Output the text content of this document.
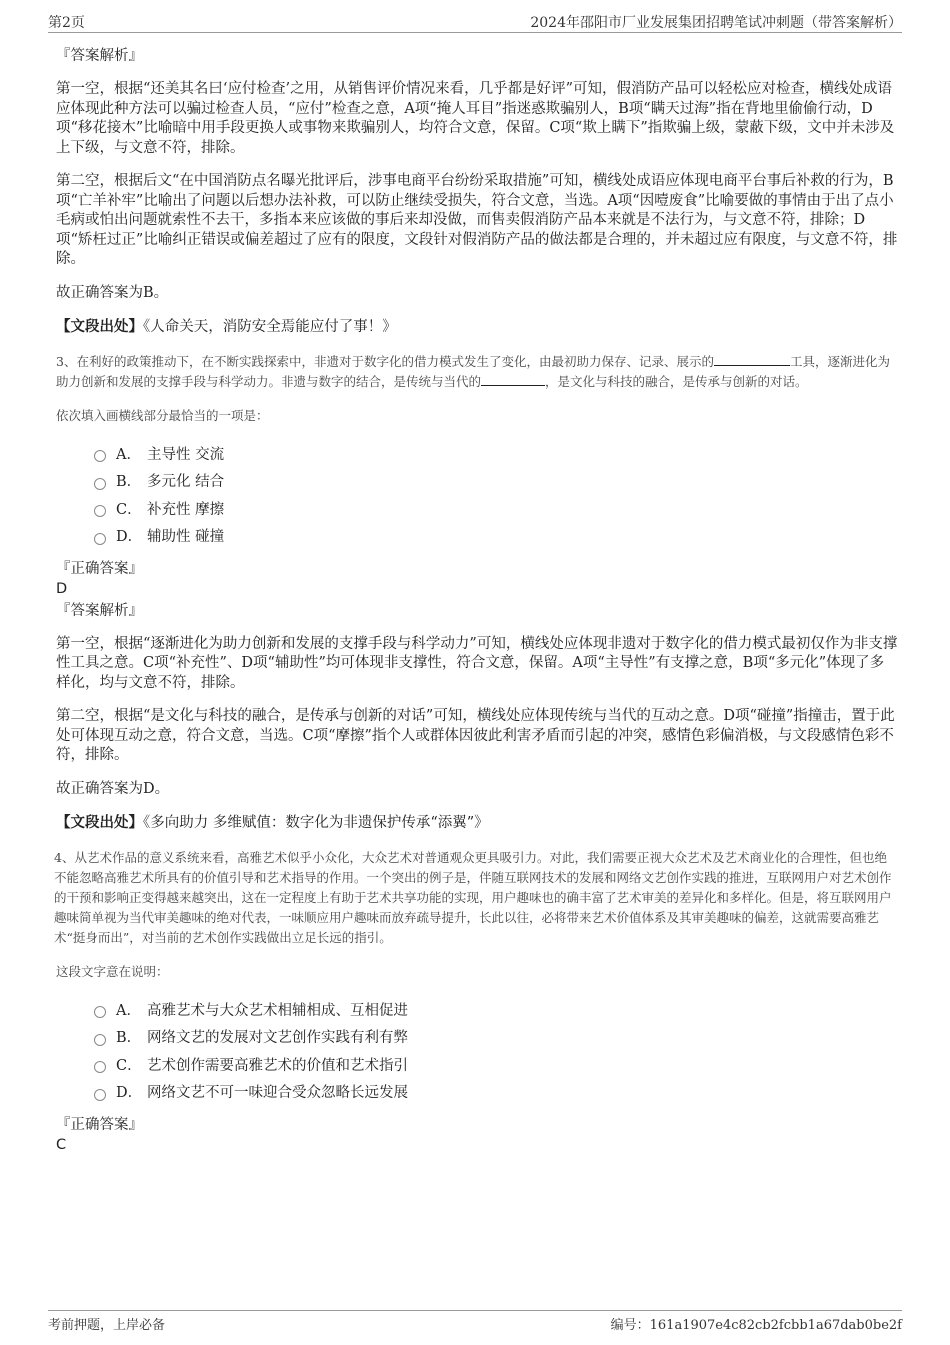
第2页	2024年邵阳市厂业发展集团招聘笔试冲刺题（带答案解析）
『答案解析』

第一空，根据“还美其名曰‘应付检查’之用，从销售评价情况来看，几乎都是好评”可知，假消防产品可以轻松应对检查，横线处成语应体现此种方法可以骗过检查人员，“应付”检查之意，A项“掩人耳目”指迷惑欺骗别人，B项“瞒天过海”指在背地里偷偷行动，D项“移花接木”比喻暗中用手段更换人或事物来欺骗别人，均符合文意，保留。C项“欺上瞒下”指欺骗上级，蒙蔽下级，文中并未涉及上下级，与文意不符，排除。

第二空，根据后文“在中国消防点名曝光批评后，涉事电商平台纷纷采取措施”可知，横线处成语应体现电商平台事后补救的行为，B项“亡羊补牢”比喻出了问题以后想办法补救，可以防止继续受损失，符合文意，当选。A项“因噎废食”比喻要做的事情由于出了点小毛病或怕出问题就索性不去干，多指本来应该做的事后来却没做，而售卖假消防产品本来就是不法行为，与文意不符，排除；D项“矫枉过正”比喻纠正错误或偏差超过了应有的限度，文段针对假消防产品的做法都是合理的，并未超过应有限度，与文意不符，排除。

故正确答案为B。

【文段出处】《人命关天，消防安全焉能应付了事！》

3、在利好的政策推动下，在不断实践探索中，非遗对于数字化的借力模式发生了变化，由最初助力保存、记录、展示的	工具，逐渐进化为助力创新和发展的支撑手段与科学动力。非遗与数字的结合，是传统与当代的	，是文化与科技的融合，是传承与创新的对话。
依次填入画横线部分最恰当的一项是：
A． 主导性 交流
B． 多元化 结合
C． 补充性 摩擦
D． 辅助性 碰撞
『正确答案』
D
『答案解析』

第一空，根据“逐渐进化为助力创新和发展的支撑手段与科学动力”可知，横线处应体现非遗对于数字化的借力模式最初仅作为非支撑性工具之意。C项“补充性”、D项“辅助性”均可体现非支撑性，符合文意，保留。A项“主导性”有支撑之意，B项“多元化”体现了多样化，均与文意不符，排除。

第二空，根据“是文化与科技的融合，是传承与创新的对话”可知，横线处应体现传统与当代的互动之意。D项“碰撞”指撞击，置于此处可体现互动之意，符合文意，当选。C项“摩擦”指个人或群体因彼此利害矛盾而引起的冲突，感情色彩偏消极，与文段感情色彩不符，排除。

故正确答案为D。

【文段出处】《多向助力 多维赋值：数字化为非遗保护传承“添翼”》

4、从艺术作品的意义系统来看，高雅艺术似乎小众化，大众艺术对普通观众更具吸引力。对此，我们需要正视大众艺术及艺术商业化的合理性，但也绝不能忽略高雅艺术所具有的价值引导和艺术指导的作用。一个突出的例子是，伴随互联网技术的发展和网络文艺创作实践的推进，互联网用户对艺术创作的干预和影响正变得越来越突出，这在一定程度上有助于艺术共享功能的实现，用户趣味也的确丰富了艺术审美的差异化和多样化。但是，将互联网用户趣味简单视为当代审美趣味的绝对代表，一味顺应用户趣味而放弃疏导提升，长此以往，必将带来艺术价值体系及其审美趣味的偏差，这就需要高雅艺术“挺身而出”，对当前的艺术创作实践做出立足长远的指引。
这段文字意在说明：
A． 高雅艺术与大众艺术相辅相成、互相促进
B． 网络文艺的发展对文艺创作实践有利有弊
C． 艺术创作需要高雅艺术的价值和艺术指引
D． 网络文艺不可一味迎合受众忽略长远发展
『正确答案』
C
考前押题，上岸必备	编号：161a1907e4c82cb2fcbb1a67dab0be2f
